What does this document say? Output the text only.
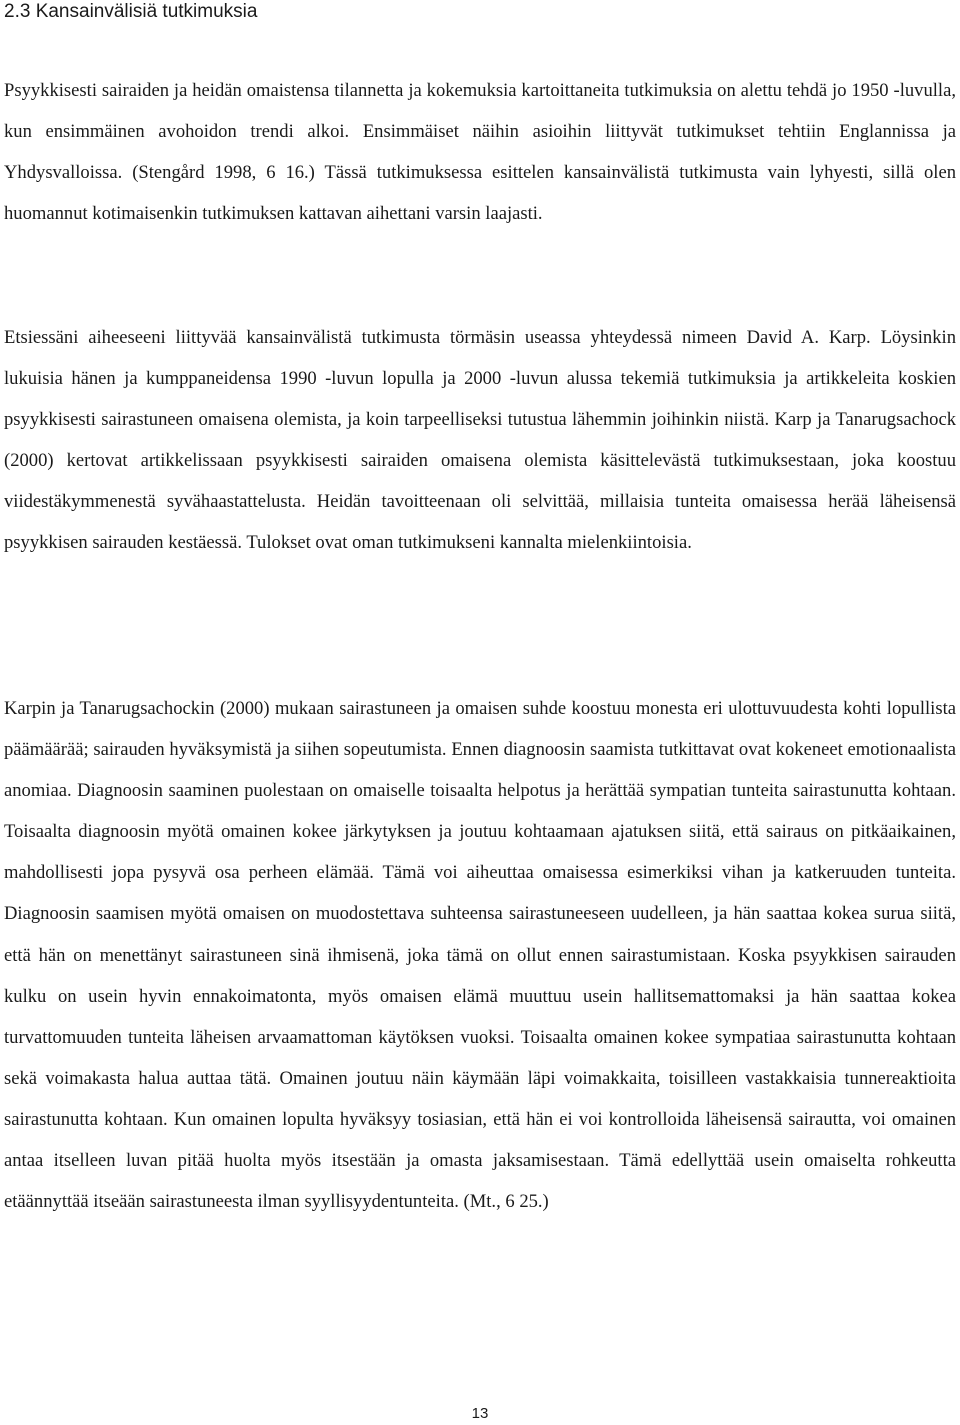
2.3 Kansainvälisiä tutkimuksia

Psyykkisesti sairaiden ja heidän omaistensa tilannetta ja kokemuksia kartoittaneita tutkimuksia on alettu tehdä jo 1950 -luvulla, kun ensimmäinen avohoidon trendi alkoi. Ensimmäiset näihin asioihin liittyvät tutkimukset tehtiin Englannissa ja Yhdysvalloissa. (Stengård 1998, 6 16.) Tässä tutkimuksessa esittelen kansainvälistä tutkimusta vain lyhyesti, sillä olen huomannut kotimaisenkin tutkimuksen kattavan aihettani varsin laajasti.

Etsiessäni aiheeseeni liittyvää kansainvälistä tutkimusta törmäsin useassa yhteydessä nimeen David A. Karp. Löysinkin lukuisia hänen ja kumppaneidensa 1990 -luvun lopulla ja 2000 -luvun alussa tekemiä tutkimuksia ja artikkeleita koskien psyykkisesti sairastuneen omaisena olemista, ja koin tarpeelliseksi tutustua lähemmin joihinkin niistä. Karp ja Tanarugsachock (2000) kertovat artikkelissaan psyykkisesti sairaiden omaisena olemista käsittelevästä tutkimuksestaan, joka koostuu viidestäkymmenestä syvähaastattelusta. Heidän tavoitteenaan oli selvittää, millaisia tunteita omaisessa herää läheisensä psyykkisen sairauden kestäessä. Tulokset ovat oman tutkimukseni kannalta mielenkiintoisia.

Karpin ja Tanarugsachockin (2000) mukaan sairastuneen ja omaisen suhde koostuu monesta eri ulottuvuudesta kohti lopullista päämäärää; sairauden hyväksymistä ja siihen sopeutumista. Ennen diagnoosin saamista tutkittavat ovat kokeneet emotionaalista anomiaa. Diagnoosin saaminen puolestaan on omaiselle toisaalta helpotus ja herättää sympatian tunteita sairastunutta kohtaan. Toisaalta diagnoosin myötä omainen kokee järkytyksen ja joutuu kohtaamaan ajatuksen siitä, että sairaus on pitkäaikainen, mahdollisesti jopa pysyvä osa perheen elämää. Tämä voi aiheuttaa omaisessa esimerkiksi vihan ja katkeruuden tunteita. Diagnoosin saamisen myötä omaisen on muodostettava suhteensa sairastuneeseen uudelleen, ja hän saattaa kokea surua siitä, että hän on menettänyt sairastuneen sinä ihmisenä, joka tämä on ollut ennen sairastumistaan. Koska psyykkisen sairauden kulku on usein hyvin ennakoimatonta, myös omaisen elämä muuttuu usein hallitsemattomaksi ja hän saattaa kokea turvattomuuden tunteita läheisen arvaamattoman käytöksen vuoksi. Toisaalta omainen kokee sympatiaa sairastunutta kohtaan sekä voimakasta halua auttaa tätä. Omainen joutuu näin käymään läpi voimakkaita, toisilleen vastakkaisia tunnereaktioita sairastunutta kohtaan. Kun omainen lopulta hyväksyy tosiasian, että hän ei voi kontrolloida läheisensä sairautta, voi omainen antaa itselleen luvan pitää huolta myös itsestään ja omasta jaksamisestaan. Tämä edellyttää usein omaiselta rohkeutta etäännyttää itseään sairastuneesta ilman syyllisyydentunteita. (Mt., 6 25.)

13
